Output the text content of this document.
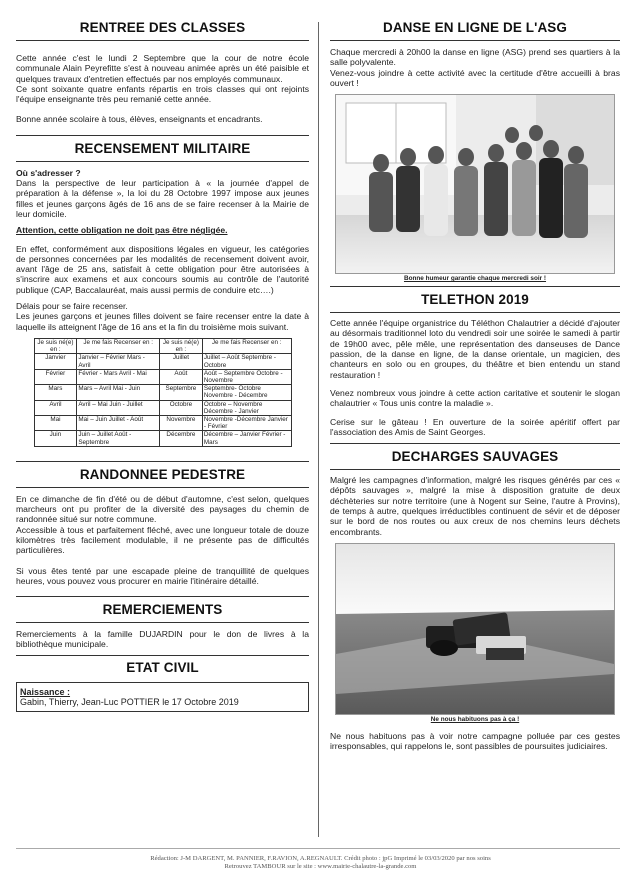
RENTREE DES CLASSES

Cette année c'est le lundi 2 Septembre que la cour de notre école communale Alain Peyrefitte s'est à nouveau animée après un été paisible et quelques travaux d'entretien effectués par nos employés communaux.

Ce sont soixante quatre enfants répartis en trois classes qui ont rejoints l'équipe enseignante très peu remanié cette année.

Bonne année scolaire à tous, élèves, enseignants et encadrants.

RECENSEMENT MILITAIRE

Où s'adresser ?

Dans la perspective de leur participation à « la journée d'appel de préparation à la défense », la loi du 28 Octobre 1997 impose aux jeunes filles et jeunes garçons âgés de 16 ans de se faire recenser à la Mairie de leur domicile.

Attention, cette obligation ne doit pas être négligée.

En effet, conformément aux dispositions légales en vigueur, les catégories de personnes concernées par les modalités de recensement doivent avoir, avant l'âge de 25 ans, satisfait à cette obligation pour être autorisées à s'inscrire aux examens et aux concours soumis au contrôle de l'autorité publique (CAP, Baccalauréat, mais aussi permis de conduire etc….)

Délais pour se faire recenser.

Les jeunes garçons et jeunes filles doivent se faire recenser entre la date à laquelle ils atteignent l'âge de 16 ans et la fin du troisième mois suivant.

Je suis né(e) en :	Je me fais Recenser en :	Je suis né(e) en :	Je me fais Recenser en :
Janvier	Janvier – Février Mars - Avril	Juillet	Juillet – Août Septembre - Octobre
Février	Février - Mars Avril - Mai	Août	Août – Septembre Octobre - Novembre
Mars	Mars – Avril Mai - Juin	Septembre	Septembre- Octobre Novembre - Décembre
Avril	Avril – Mai Juin - Juillet	Octobre	Octobre – Novembre Décembre - Janvier
Mai	Mai – Juin Juillet - Août	Novembre	Novembre -Décembre Janvier - Février
Juin	Juin – Juillet Août - Septembre	Décembre	Décembre – Janvier Février - Mars
RANDONNEE PEDESTRE

En ce dimanche de fin d'été ou de début d'automne, c'est selon, quelques marcheurs ont pu profiter de la diversité des paysages du chemin de randonnée situé sur notre commune.

Accessible à tous et parfaitement fléché, avec une longueur totale de douze kilomètres très facilement modulable, il ne présente pas de difficultés particulières.

Si vous êtes tenté par une escapade pleine de tranquillité de quelques heures, vous pouvez vous procurer en mairie l'itinéraire détaillé.

REMERCIEMENTS

Remerciements à la famille DUJARDIN pour le don de livres à la bibliothèque municipale.

ETAT CIVIL
Naissance :
Gabin, Thierry, Jean-Luc POTTIER le 17 Octobre 2019
DANSE EN LIGNE DE L'ASG

Chaque mercredi à 20h00 la danse en ligne (ASG) prend ses quartiers à la salle polyvalente.

Venez-vous joindre à cette activité avec la certitude d'être accueilli à bras ouvert !

Bonne humeur garantie chaque mercredi soir !
TELETHON 2019

Cette année l'équipe organistrice du Téléthon Chalautrier a décidé d'ajouter au désormais traditionnel loto du vendredi soir une soirée le samedi à partir de 19h00 avec, pêle mêle, une représentation des danseuses de Dance passion, de la danse en ligne, de la danse orientale, un magicien, des chanteurs en solo ou en groupes, du théâtre et bien entendu un stand restauration !

Venez nombreux vous joindre à cette action caritative et soutenir le slogan chalautrier « Tous unis contre la maladie ».

Cerise sur le gâteau ! En ouverture de la soirée apéritif offert par l'association des Amis de Saint Georges.

DECHARGES SAUVAGES

Malgré les campagnes d'information, malgré les risques générés par ces « dépôts sauvages », malgré la mise à disposition gratuite de deux déchèteries sur notre territoire (une à Nogent sur Seine, l'autre à Provins), de temps à autre, quelques irréductibles continuent de sévir et de déposer sur le bord de nos routes ou aux creux de nos chemins leurs déchets encombrants.

Ne nous habituons pas à ça !

Ne nous habituons pas à voir notre campagne polluée par ces gestes irresponsables, qui rappelons le, sont passibles de poursuites judiciaires.

Rédaction: J-M DARGENT, M. PANNIER, F.RAVION, A.REGNAULT. Crédit photo : jpG Imprimé le 03/03/2020 par nos soins
Retrouvez TAMBOUR sur le site : www.mairie-chalautre-la-grande.com
